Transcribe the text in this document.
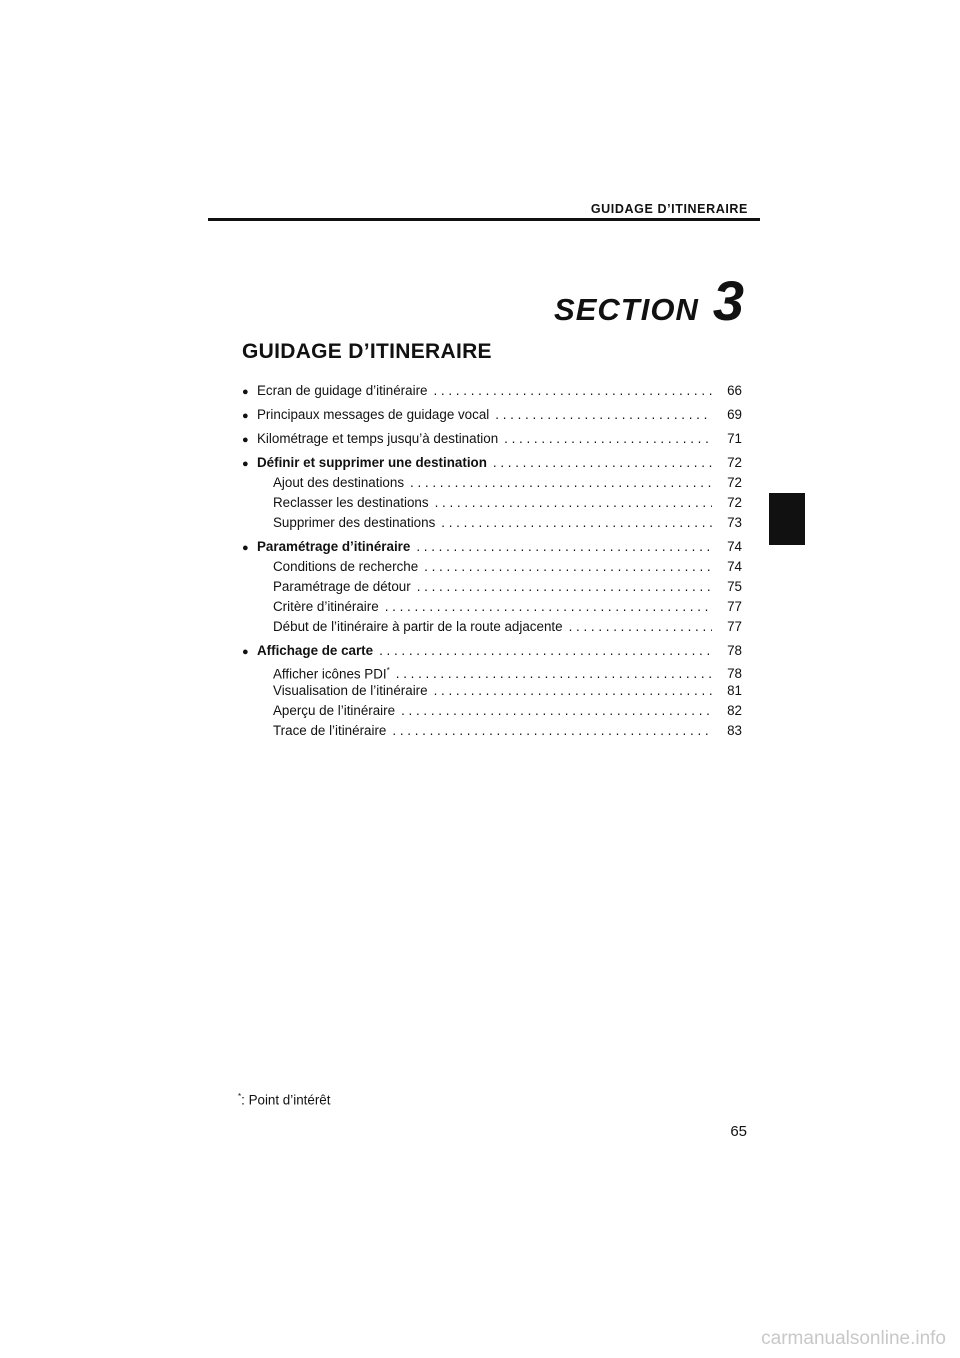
GUIDAGE D’ITINERAIRE
SECTION 3
GUIDAGE D’ITINERAIRE
● Ecran de guidage d’itinéraire . . .	66
● Principaux messages de guidage vocal . . .	69
● Kilométrage et temps jusqu’à destination . . .	71
● Définir et supprimer une destination . . .	72
Ajout des destinations . . .	72
Reclasser les destinations . . .	72
Supprimer des destinations . . .	73
● Paramétrage d’itinéraire . . .	74
Conditions de recherche . . .	74
Paramétrage de détour . . .	75
Critère d’itinéraire . . .	77
Début de l’itinéraire à partir de la route adjacente . . .	77
● Affichage de carte . . .	78
Afficher icônes PDI* . . .	78
Visualisation de l’itinéraire . . .	81
Aperçu de l’itinéraire . . .	82
Trace de l’itinéraire . . .	83
*: Point d’intérêt
65
carmanualsonline.info
